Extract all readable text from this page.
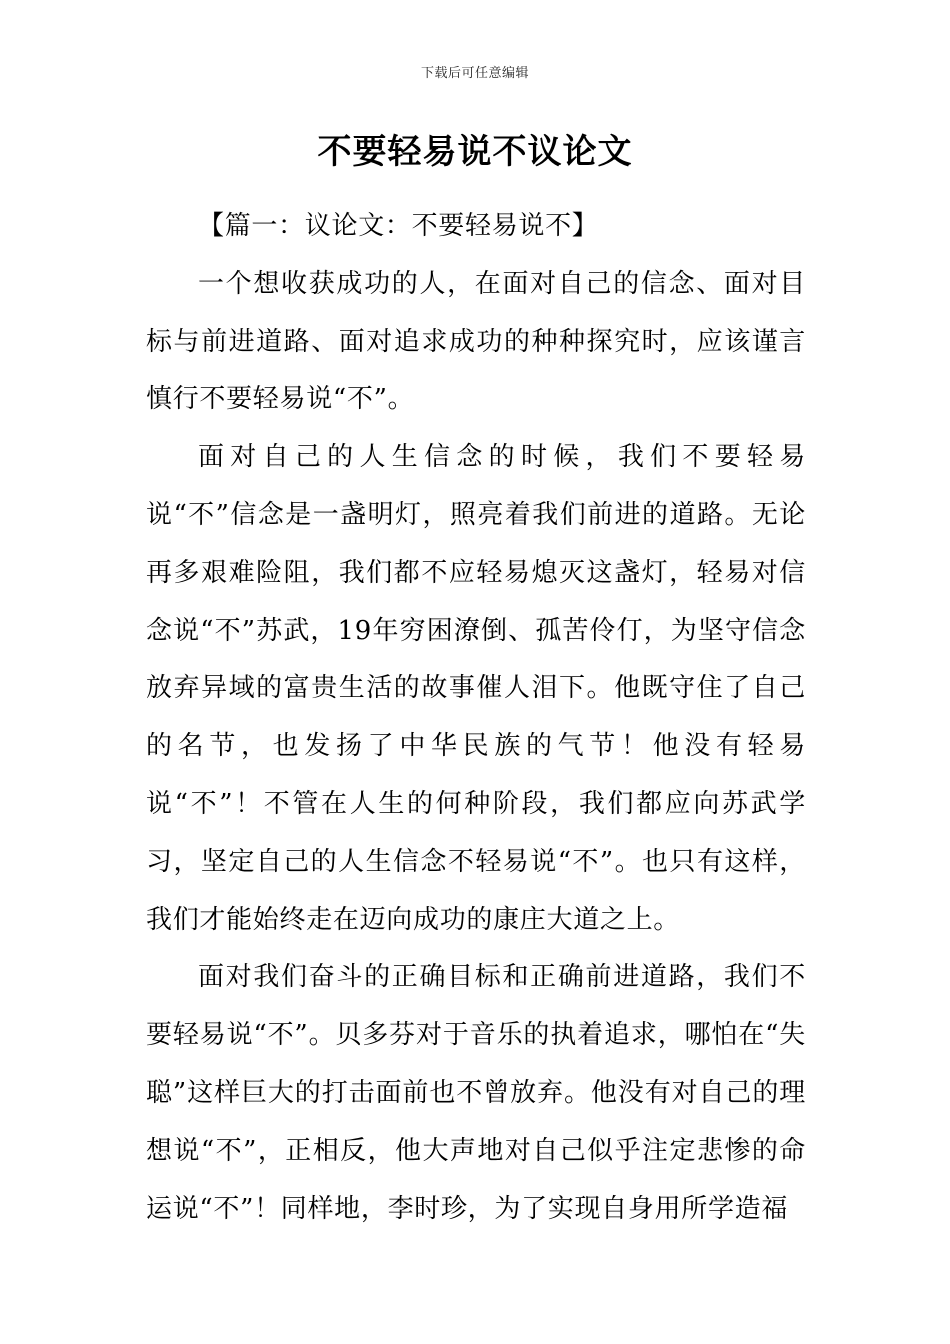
下载后可任意编辑
不要轻易说不议论文

【篇一：议论文：不要轻易说不】

一个想收获成功的人，在面对自己的信念、面对目标与前进道路、面对追求成功的种种探究时，应该谨言慎行不要轻易说“不”。

面对自己的人生信念的时候，我们不要轻易说“不”信念是一盏明灯，照亮着我们前进的道路。无论再多艰难险阻，我们都不应轻易熄灭这盏灯，轻易对信念说“不”苏武，19年穷困潦倒、孤苦伶仃，为坚守信念放弃异域的富贵生活的故事催人泪下。他既守住了自己的名节，也发扬了中华民族的气节！他没有轻易说“不”！不管在人生的何种阶段，我们都应向苏武学习，坚定自己的人生信念不轻易说“不”。也只有这样，我们才能始终走在迈向成功的康庄大道之上。

面对我们奋斗的正确目标和正确前进道路，我们不要轻易说“不”。贝多芬对于音乐的执着追求，哪怕在“失聪”这样巨大的打击面前也不曾放弃。他没有对自己的理想说“不”，正相反，他大声地对自己似乎注定悲惨的命运说“不”！同样地，李时珍，为了实现自身用所学造福
